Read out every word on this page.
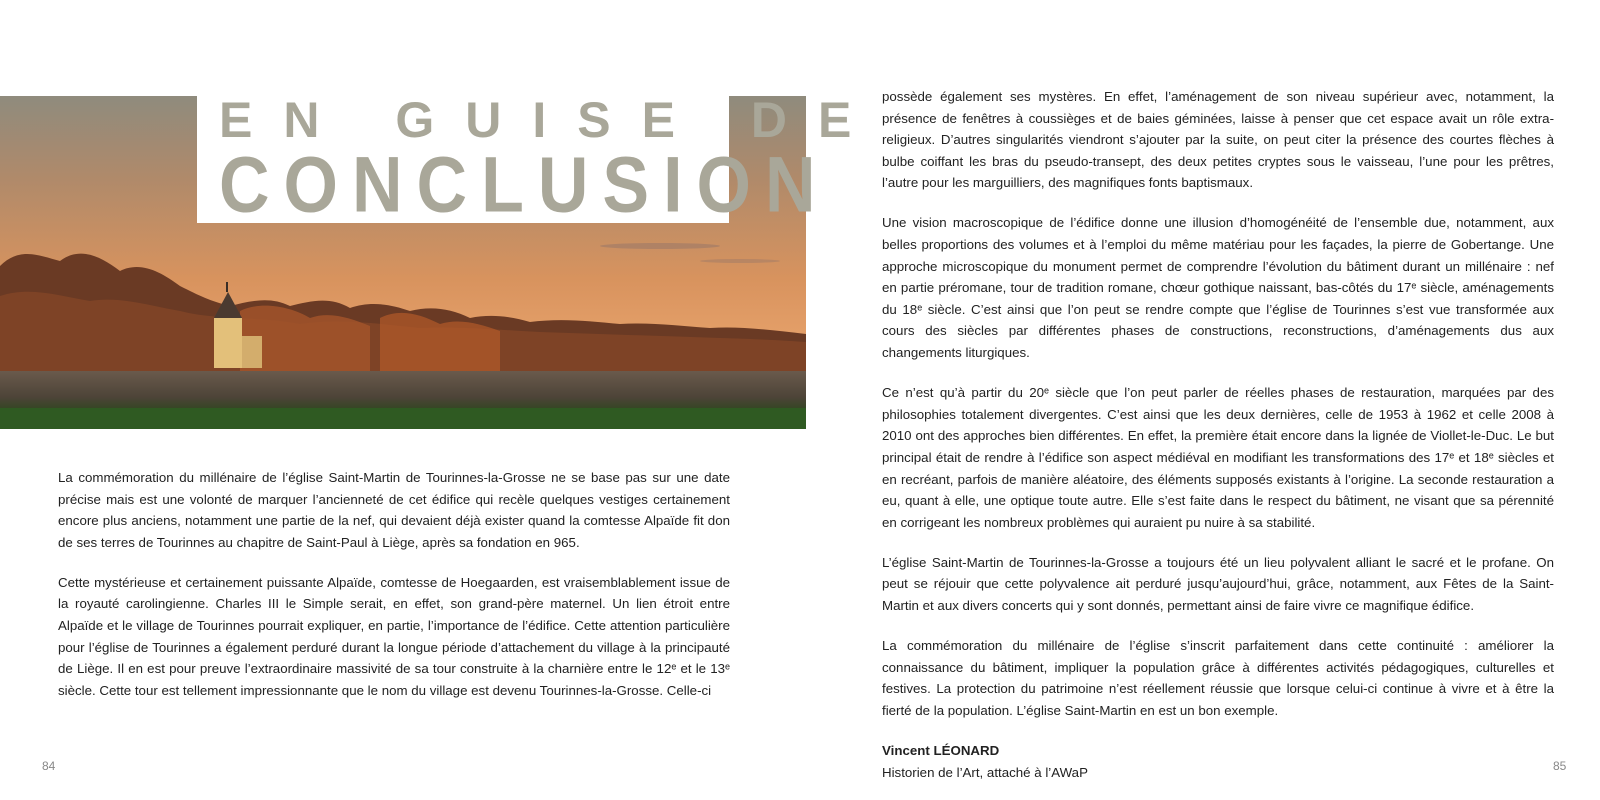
EN GUISE DE
CONCLUSION

La commémoration du millénaire de l’église Saint-Martin de Tourinnes-la-Grosse ne se base pas sur une date précise mais est une volonté de marquer l’ancienneté de cet édifice qui recèle quelques vestiges certainement encore plus anciens, notamment une partie de la nef, qui devaient déjà exister quand la comtesse Alpaïde fit don de ses terres de Tourinnes au chapitre de Saint-Paul à Liège, après sa fondation en 965.

Cette mystérieuse et certainement puissante Alpaïde, comtesse de Hoegaarden, est vraisemblablement issue de la royauté carolingienne. Charles III le Simple serait, en effet, son grand-père maternel. Un lien étroit entre Alpaïde et le village de Tourinnes pourrait expliquer, en partie, l’importance de l’édifice. Cette attention particulière pour l’église de Tourinnes a également perduré durant la longue période d’attachement du village à la principauté de Liège. Il en est pour preuve l’extraordinaire massivité de sa tour construite à la charnière entre le 12ᵉ et le 13ᵉ siècle. Cette tour est tellement impressionnante que le nom du village est devenu Tourinnes-la-Grosse. Celle-ci

84

possède également ses mystères. En effet, l’aménagement de son niveau supérieur avec, notamment, la présence de fenêtres à coussièges et de baies géminées, laisse à penser que cet espace avait un rôle extra-religieux. D’autres singularités viendront s’ajouter par la suite, on peut citer la présence des courtes flèches à bulbe coiffant les bras du pseudo-transept, des deux petites cryptes sous le vaisseau, l’une pour les prêtres, l’autre pour les marguilliers, des magnifiques fonts baptismaux.

Une vision macroscopique de l’édifice donne une illusion d’homogénéité de l’ensemble due, notamment, aux belles proportions des volumes et à l’emploi du même matériau pour les façades, la pierre de Gobertange. Une approche microscopique du monument permet de comprendre l’évolution du bâtiment durant un millénaire : nef en partie préromane, tour de tradition romane, chœur gothique naissant, bas-côtés du 17ᵉ siècle, aménagements du 18ᵉ siècle. C’est ainsi que l’on peut se rendre compte que l’église de Tourinnes s’est vue transformée aux cours des siècles par différentes phases de constructions, reconstructions, d’aménagements dus aux changements liturgiques.

Ce n’est qu’à partir du 20ᵉ siècle que l’on peut parler de réelles phases de restauration, marquées par des philosophies totalement divergentes. C’est ainsi que les deux dernières, celle de 1953 à 1962 et celle 2008 à 2010 ont des approches bien différentes. En effet, la première était encore dans la lignée de Viollet-le-Duc. Le but principal était de rendre à l’édifice son aspect médiéval en modifiant les transformations des 17ᵉ et 18ᵉ siècles et en recréant, parfois de manière aléatoire, des éléments supposés existants à l’origine. La seconde restauration a eu, quant à elle, une optique toute autre. Elle s’est faite dans le respect du bâtiment, ne visant que sa pérennité en corrigeant les nombreux problèmes qui auraient pu nuire à sa stabilité.

L’église Saint-Martin de Tourinnes-la-Grosse a toujours été un lieu polyvalent alliant le sacré et le profane. On peut se réjouir que cette polyvalence ait perduré jusqu’aujourd’hui, grâce, notamment, aux Fêtes de la Saint-Martin et aux divers concerts qui y sont donnés, permettant ainsi de faire vivre ce magnifique édifice.

La commémoration du millénaire de l’église s’inscrit parfaitement dans cette continuité : améliorer la connaissance du bâtiment, impliquer la population grâce à différentes activités pédagogiques, culturelles et festives. La protection du patrimoine n’est réellement réussie que lorsque celui-ci continue à vivre et à être la fierté de la population. L’église Saint-Martin en est un bon exemple.

Vincent LÉONARD
Historien de l’Art, attaché à l’AWaP	85
